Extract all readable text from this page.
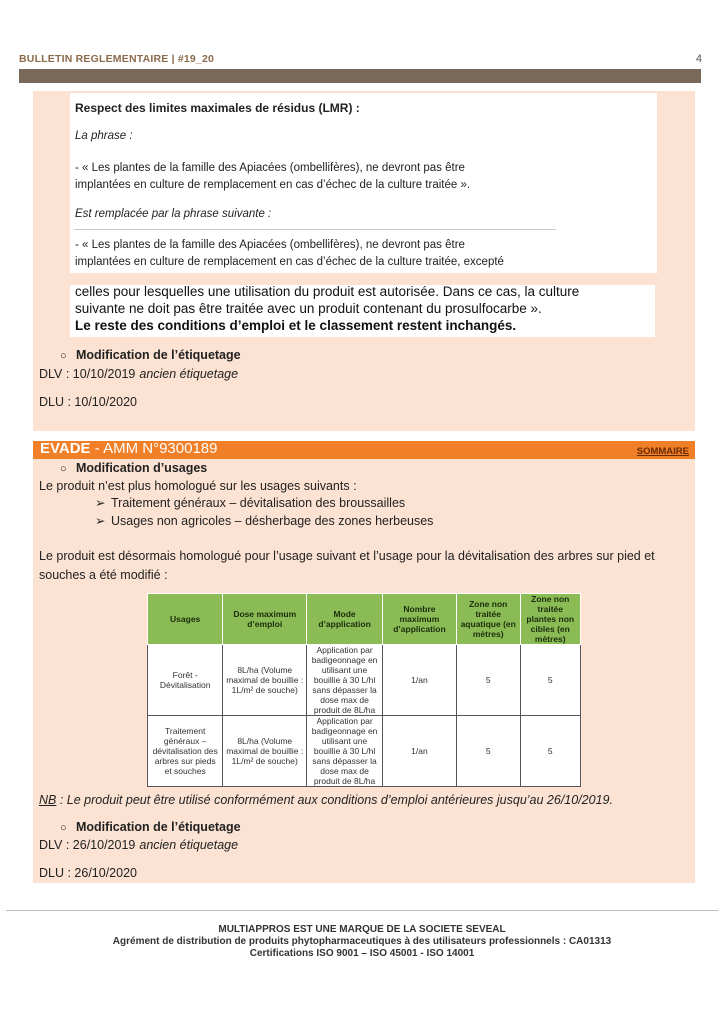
BULLETIN REGLEMENTAIRE | #19_20	4
Respect des limites maximales de résidus (LMR) :
La phrase :
- « Les plantes de la famille des Apiacées (ombellifères), ne devront pas être
implantées en culture de remplacement en cas d’échec de la culture traitée ».
Est remplacée par la phrase suivante :
- « Les plantes de la famille des Apiacées (ombellifères), ne devront pas être
implantées en culture de remplacement en cas d’échec de la culture traitée, excepté
celles pour lesquelles une utilisation du produit est autorisée. Dans ce cas, la culture
suivante ne doit pas être traitée avec un produit contenant du prosulfocarbe ».
Le reste des conditions d’emploi et le classement restent inchangés.
○ Modification de l’étiquetage
DLV : 10/10/2019 ancien étiquetage
DLU : 10/10/2020
EVADE - AMM N°9300189	SOMMAIRE
○ Modification d’usages
Le produit n’est plus homologué sur les usages suivants :
➢ Traitement généraux – dévitalisation des broussailles
➢ Usages non agricoles – désherbage des zones herbeuses
Le produit est désormais homologué pour l’usage suivant et l’usage pour la dévitalisation des arbres sur pied et
souches a été modifié :
Usages	Dose maximum d’emploi	Mode d’application	Nombre maximum d’application	Zone non traitée aquatique (en mètres)	Zone non traitée plantes non cibles (en mètres)
Forêt - Dévitalisation	8L/ha (Volume maximal de bouillie : 1L/m² de souche)	Application par badigeonnage en utilisant une bouillie à 30 L/hl sans dépasser la dose max de produit de 8L/ha	1/an	5	5
Traitement généraux – dévitalisation des arbres sur pieds et souches	8L/ha (Volume maximal de bouillie : 1L/m² de souche)	Application par badigeonnage en utilisant une bouillie à 30 L/hl sans dépasser la dose max de produit de 8L/ha	1/an	5	5
NB : Le produit peut être utilisé conformément aux conditions d’emploi antérieures jusqu’au 26/10/2019.
○ Modification de l’étiquetage
DLV : 26/10/2019 ancien étiquetage
DLU : 26/10/2020
MULTIAPPROS EST UNE MARQUE DE LA SOCIETE SEVEAL
Agrément de distribution de produits phytopharmaceutiques à des utilisateurs professionnels : CA01313
Certifications ISO 9001 – ISO 45001 - ISO 14001
